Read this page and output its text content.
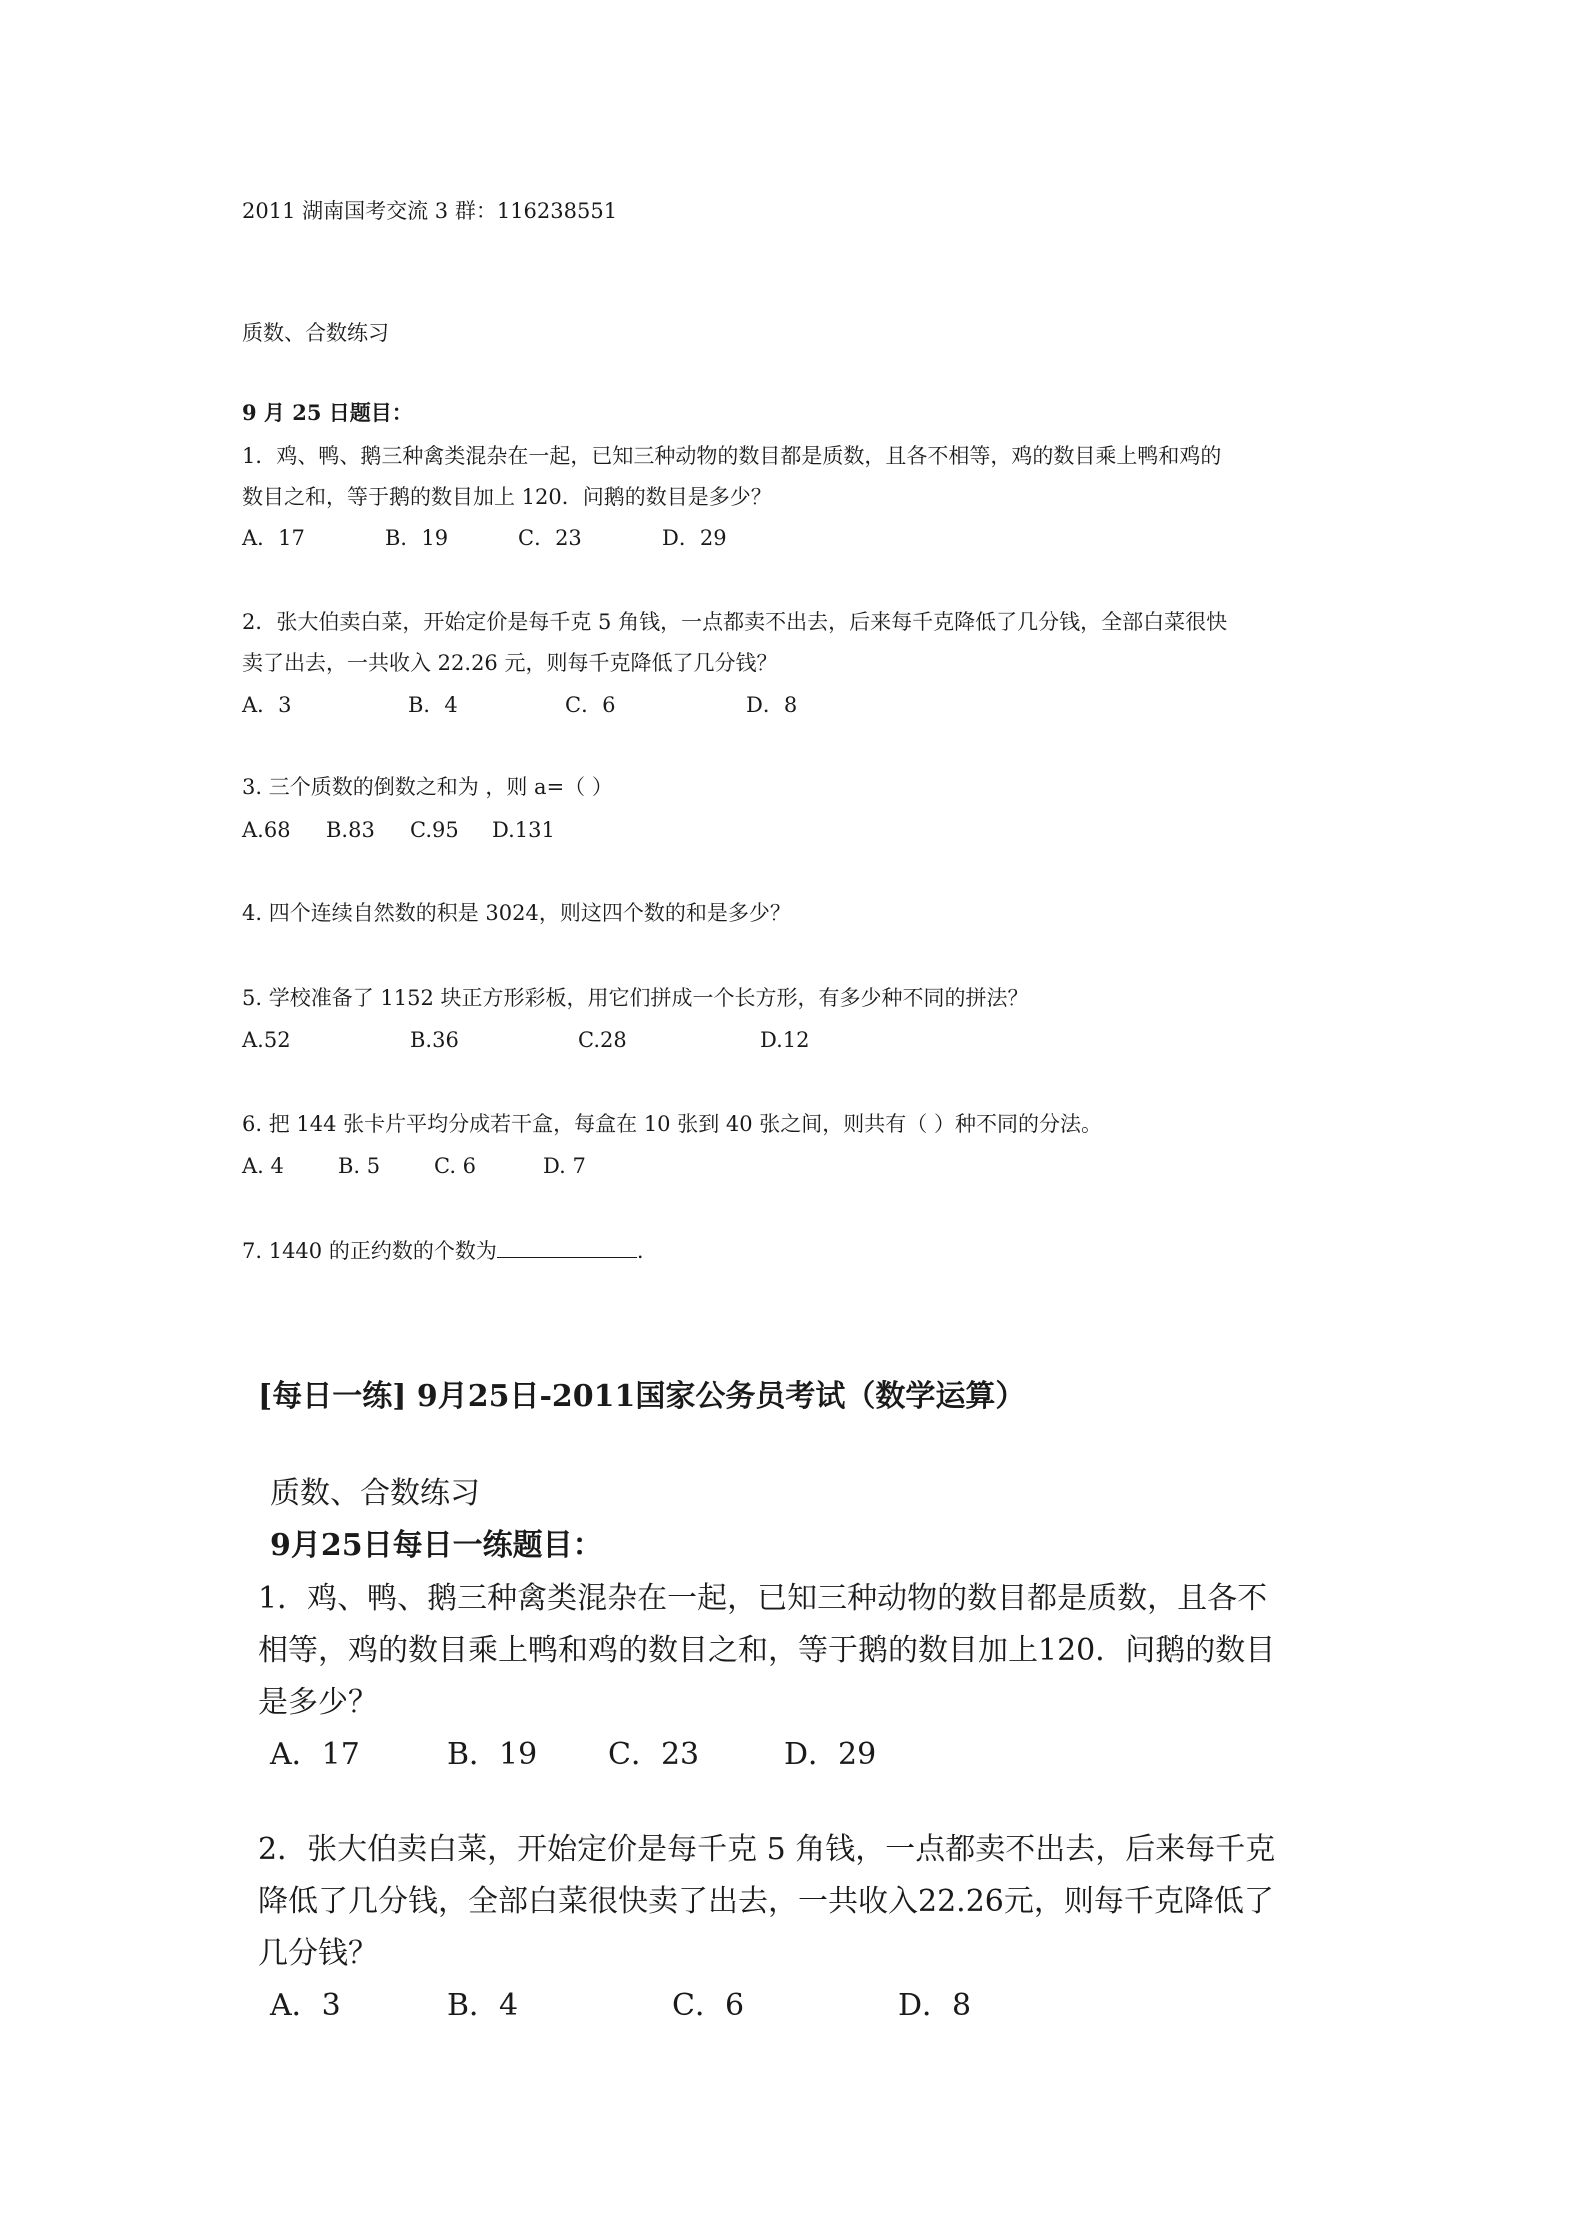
2011 湖南国考交流 3 群：116238551
质数、合数练习
9 月 25 日题目：
1．鸡、鸭、鹅三种禽类混杂在一起，已知三种动物的数目都是质数，且各不相等，鸡的数目乘上鸭和鸡的
数目之和，等于鹅的数目加上 120．问鹅的数目是多少？
A．17	B．19	C．23	D．29
2．张大伯卖白菜，开始定价是每千克 5 角钱，一点都卖不出去，后来每千克降低了几分钱，全部白菜很快
卖了出去，一共收入 22.26 元，则每千克降低了几分钱？
A．3	B．4	C．6	D．8
3. 三个质数的倒数之和为 ，则 a=（ ）
A.68 B.83 C.95 D.131
4. 四个连续自然数的积是 3024，则这四个数的和是多少？
5. 学校准备了 1152 块正方形彩板，用它们拼成一个长方形，有多少种不同的拼法？
A.52	B.36	C.28	D.12
6. 把 144 张卡片平均分成若干盒，每盒在 10 张到 40 张之间，则共有（ ）种不同的分法。
A. 4	B. 5	C. 6	D. 7
7. 1440 的正约数的个数为	.
[每日一练] 9月25日-2011国家公务员考试（数学运算）
质数、合数练习
9月25日每日一练题目：
1．鸡、鸭、鹅三种禽类混杂在一起，已知三种动物的数目都是质数，且各不
相等，鸡的数目乘上鸭和鸡的数目之和，等于鹅的数目加上120．问鹅的数目
是多少？
A．17	B．19 C．23	D．29
2．张大伯卖白菜，开始定价是每千克 5 角钱，一点都卖不出去，后来每千克
降低了几分钱，全部白菜很快卖了出去，一共收入22.26元，则每千克降低了
几分钱？
A．3	B．4	C．6	D．8
